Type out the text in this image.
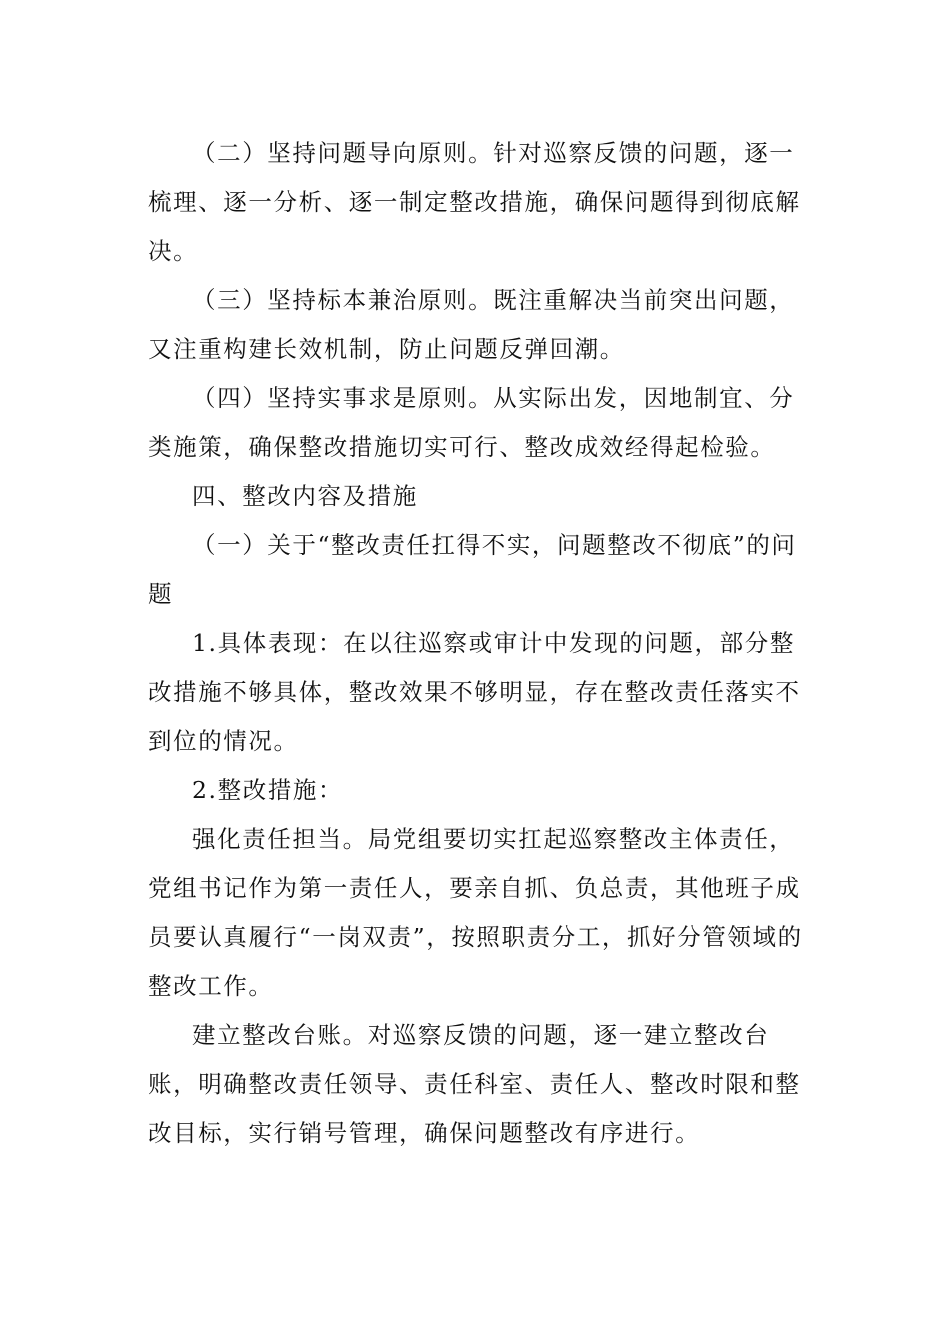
（二）坚持问题导向原则。针对巡察反馈的问题，逐一梳理、逐一分析、逐一制定整改措施，确保问题得到彻底解决。

（三）坚持标本兼治原则。既注重解决当前突出问题，又注重构建长效机制，防止问题反弹回潮。

（四）坚持实事求是原则。从实际出发，因地制宜、分类施策，确保整改措施切实可行、整改成效经得起检验。

四、整改内容及措施

（一）关于“整改责任扛得不实，问题整改不彻底”的问题

1.具体表现：在以往巡察或审计中发现的问题，部分整改措施不够具体，整改效果不够明显，存在整改责任落实不到位的情况。

2.整改措施：

强化责任担当。局党组要切实扛起巡察整改主体责任，党组书记作为第一责任人，要亲自抓、负总责，其他班子成员要认真履行“一岗双责”，按照职责分工，抓好分管领域的整改工作。

建立整改台账。对巡察反馈的问题，逐一建立整改台账，明确整改责任领导、责任科室、责任人、整改时限和整改目标，实行销号管理，确保问题整改有序进行。
